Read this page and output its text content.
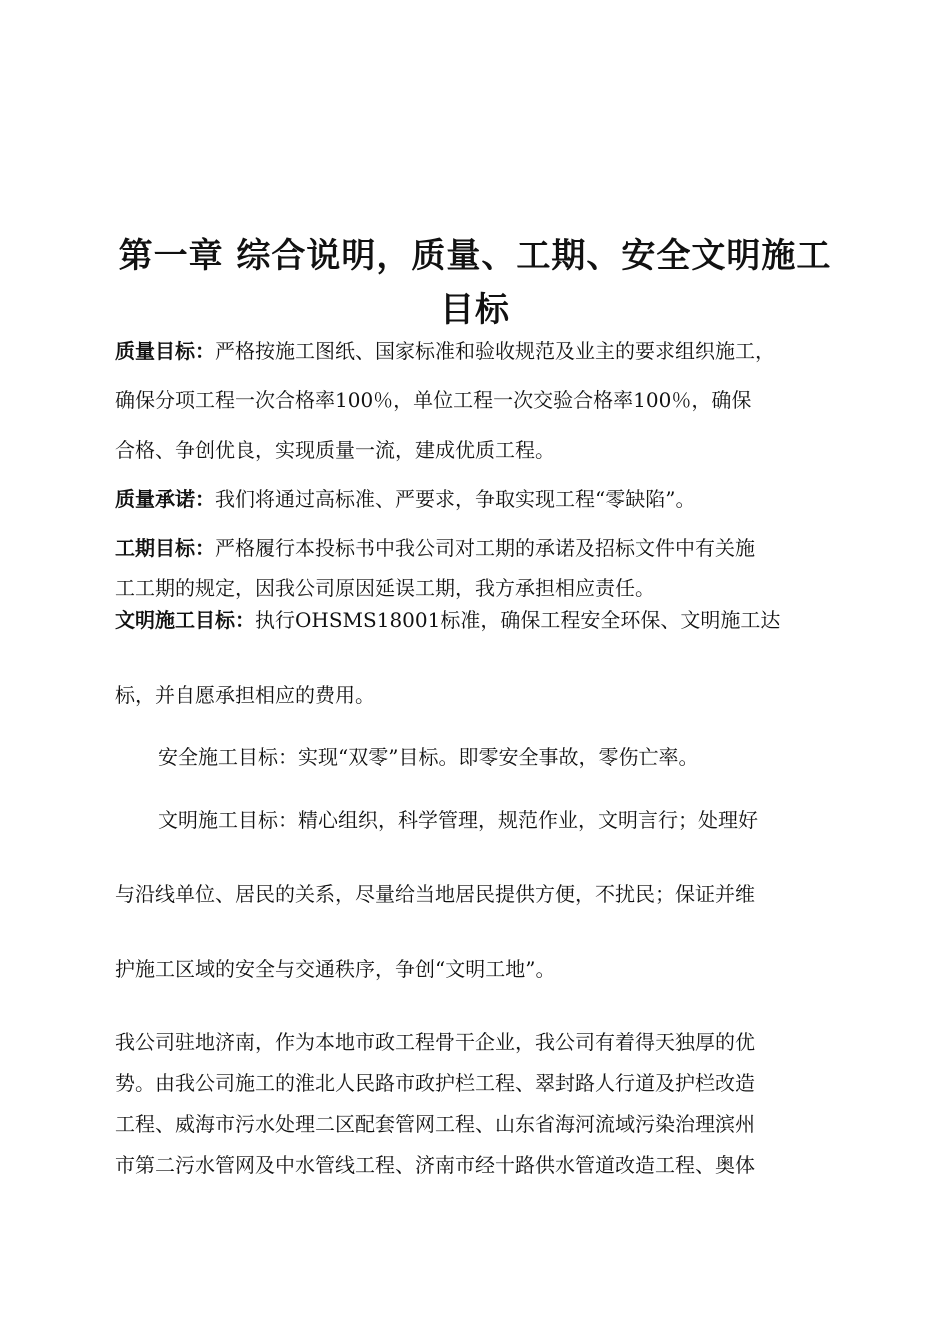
第一章 综合说明，质量、工期、安全文明施工
目标

质量目标：严格按施工图纸、国家标准和验收规范及业主的要求组织施工，

确保分项工程一次合格率100％，单位工程一次交验合格率100％，确保

合格、争创优良，实现质量一流，建成优质工程。

质量承诺：我们将通过高标准、严要求，争取实现工程“零缺陷”。

工期目标：严格履行本投标书中我公司对工期的承诺及招标文件中有关施

工工期的规定，因我公司原因延误工期，我方承担相应责任。

文明施工目标：执行OHSMS18001标准，确保工程安全环保、文明施工达

标，并自愿承担相应的费用。

安全施工目标：实现“双零”目标。即零安全事故，零伤亡率。

文明施工目标：精心组织，科学管理，规范作业，文明言行；处理好

与沿线单位、居民的关系，尽量给当地居民提供方便，不扰民；保证并维

护施工区域的安全与交通秩序，争创“文明工地”。

我公司驻地济南，作为本地市政工程骨干企业，我公司有着得天独厚的优

势。由我公司施工的淮北人民路市政护栏工程、翠封路人行道及护栏改造

工程、威海市污水处理二区配套管网工程、山东省海河流域污染治理滨州

市第二污水管网及中水管线工程、济南市经十路供水管道改造工程、奥体
